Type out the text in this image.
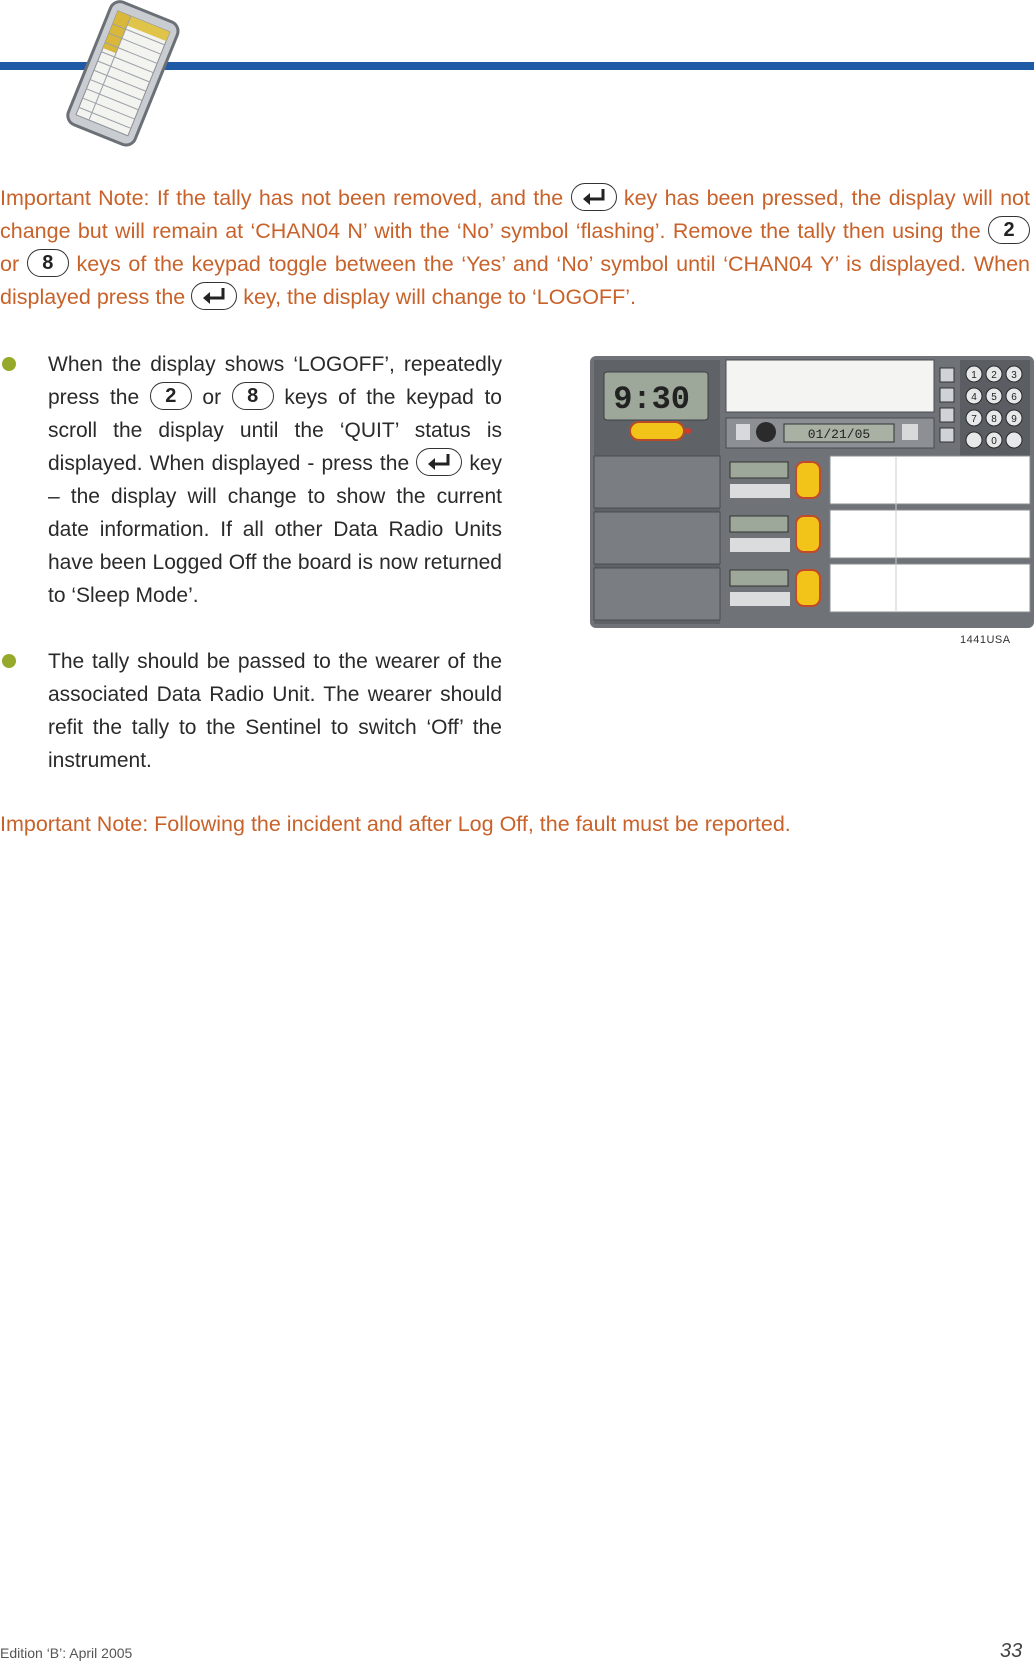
Important Note: If the tally has not been removed, and the	key has been pressed, the display will not change but will remain at ‘CHAN04 N’ with the ‘No’ symbol ‘flashing’. Remove the tally then using the 2 or 8 keys of the keypad toggle between the ‘Yes’ and ‘No’ symbol until ‘CHAN04 Y’ is displayed. When displayed press the	key, the display will change to ‘LOGOFF’.
When the display shows ‘LOGOFF’, repeatedly press the 2 or 8 keys of the keypad to scroll the display until the ‘QUIT’ status is displayed. When displayed - press the	key – the display will change to show the current date information. If all other Data Radio Units have been Logged Off the board is now returned to ‘Sleep Mode’.
The tally should be passed to the wearer of the associated Data Radio Unit. The wearer should refit the tally to the Sentinel to switch ‘Off’ the instrument.
9:30
01/21/05
1 2 3
4 5 6
7 8 9
0
1441USA
Important Note: Following the incident and after Log Off, the fault must be reported.
Edition ‘B’: April 2005	33
